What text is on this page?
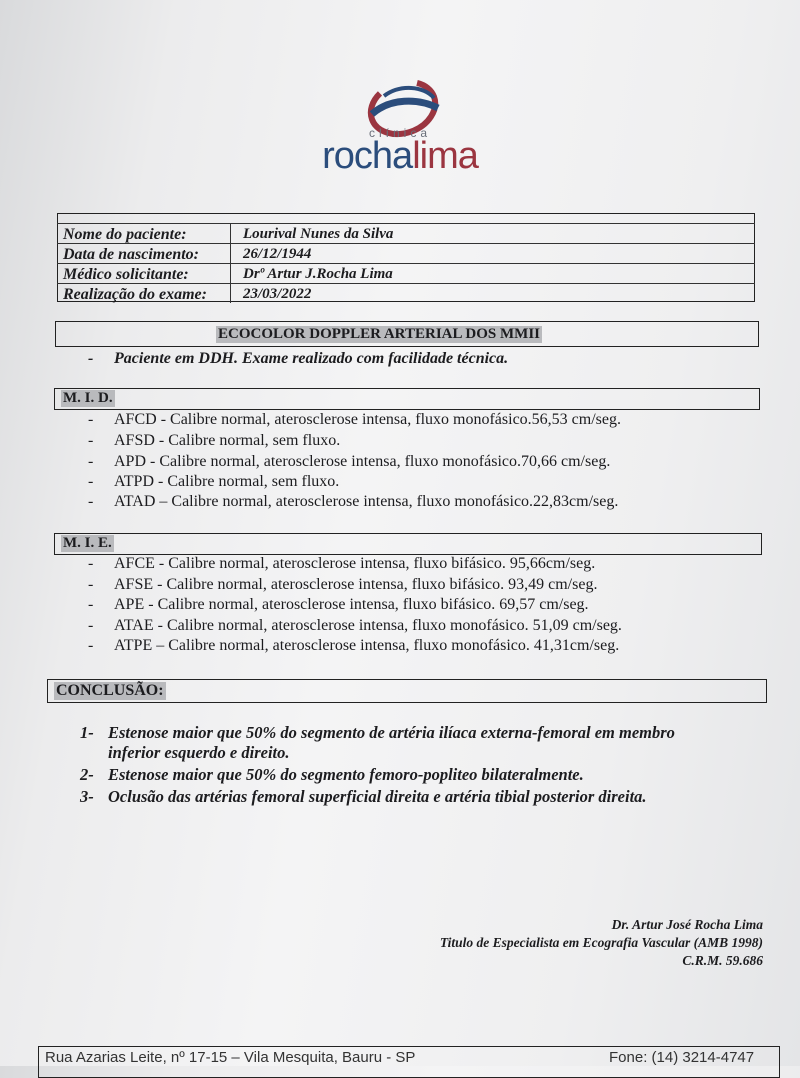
clínica
rochalima
Nome do paciente:	Lourival Nunes da Silva
Data de nascimento:	26/12/1944
Médico solicitante:	Drº Artur J.Rocha Lima
Realização do exame: 23/03/2022
ECOCOLOR DOPPLER ARTERIAL DOS MMII
- Paciente em DDH. Exame realizado com facilidade técnica.
M. I. D.
- AFCD - Calibre normal, aterosclerose intensa, fluxo monofásico.56,53 cm/seg.
- AFSD - Calibre normal, sem fluxo.
- APD - Calibre normal, aterosclerose intensa, fluxo monofásico.70,66 cm/seg.
- ATPD - Calibre normal, sem fluxo.
- ATAD – Calibre normal, aterosclerose intensa, fluxo monofásico.22,83cm/seg.
M. I. E.
- AFCE - Calibre normal, aterosclerose intensa, fluxo bifásico. 95,66cm/seg.
- AFSE - Calibre normal, aterosclerose intensa, fluxo bifásico. 93,49 cm/seg.
- APE - Calibre normal, aterosclerose intensa, fluxo bifásico. 69,57 cm/seg.
- ATAE - Calibre normal, aterosclerose intensa, fluxo monofásico. 51,09 cm/seg.
- ATPE – Calibre normal, aterosclerose intensa, fluxo monofásico. 41,31cm/seg.
CONCLUSÃO:
1- Estenose maior que 50% do segmento de artéria ilíaca externa-femoral em membro
inferior esquerdo e direito.
2- Estenose maior que 50% do segmento femoro-popliteo bilateralmente.
3- Oclusão das artérias femoral superficial direita e artéria tibial posterior direita.
Dr. Artur José Rocha Lima
Titulo de Especialista em Ecografia Vascular (AMB 1998)
C.R.M. 59.686
Rua Azarias Leite, nº 17-15 – Vila Mesquita, Bauru - SP	Fone: (14) 3214-4747
